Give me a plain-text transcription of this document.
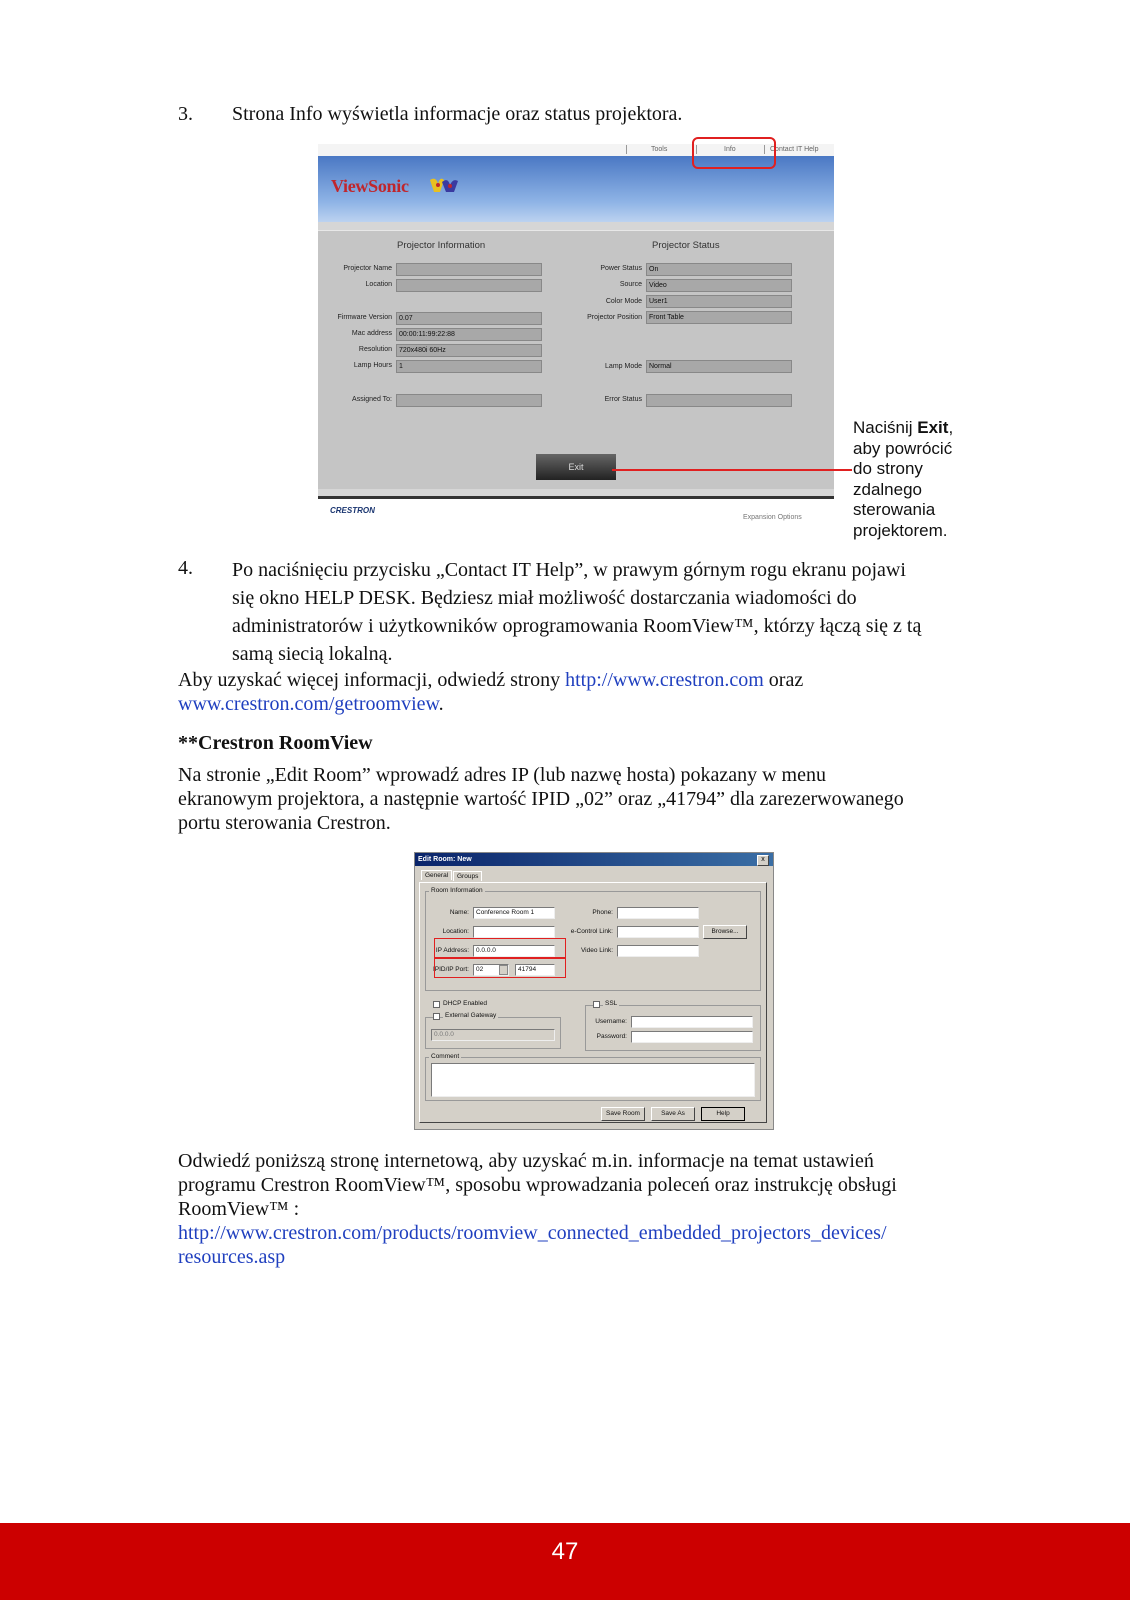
3. Strona Info wyświetla informacje oraz status projektora.
Tools	Info	Contact IT Help
ViewSonic
Projector Information	Projector Status
Projector Name
Location
Firmware Version	0.07
Mac address	00:00:11:99:22:88
Resolution	720x480i 60Hz
Lamp Hours	1
Assigned To:
Power Status	On
Source	Video
Color Mode	User1
Projector Position	Front Table
Lamp Mode	Normal
Error Status
Exit
CRESTRON
Expansion Options
Naciśnij Exit,
aby powrócić
do strony
zdalnego
sterowania
projektorem.
4. Po naciśnięciu przycisku „Contact IT Help”, w prawym górnym rogu ekranu pojawi
się okno HELP DESK. Będziesz miał możliwość dostarczania wiadomości do
administratorów i użytkowników oprogramowania RoomView™, którzy łączą się z tą
samą siecią lokalną.
Aby uzyskać więcej informacji, odwiedź strony http://www.crestron.com oraz
www.crestron.com/getroomview.
**Crestron RoomView
Na stronie „Edit Room” wprowadź adres IP (lub nazwę hosta) pokazany w menu
ekranowym projektora, a następnie wartość IPID „02” oraz „41794” dla zarezerwowanego
portu sterowania Crestron.
Edit Room: New	x
General	Groups
Room Information
Name:	Conference Room 1
Location:
IP Address:	0.0.0.0
IPID/IP Port:	02	41794
Phone:
e-Control Link:	Browse...
Video Link:
DHCP Enabled
External Gateway
0.0.0.0
SSL
Username:
Password:
Comment
Save Room	Save As	Help
Odwiedź poniższą stronę internetową, aby uzyskać m.in. informacje na temat ustawień
programu Crestron RoomView™, sposobu wprowadzania poleceń oraz instrukcję obsługi
RoomView™ :
http://www.crestron.com/products/roomview_connected_embedded_projectors_devices/
resources.asp
47
